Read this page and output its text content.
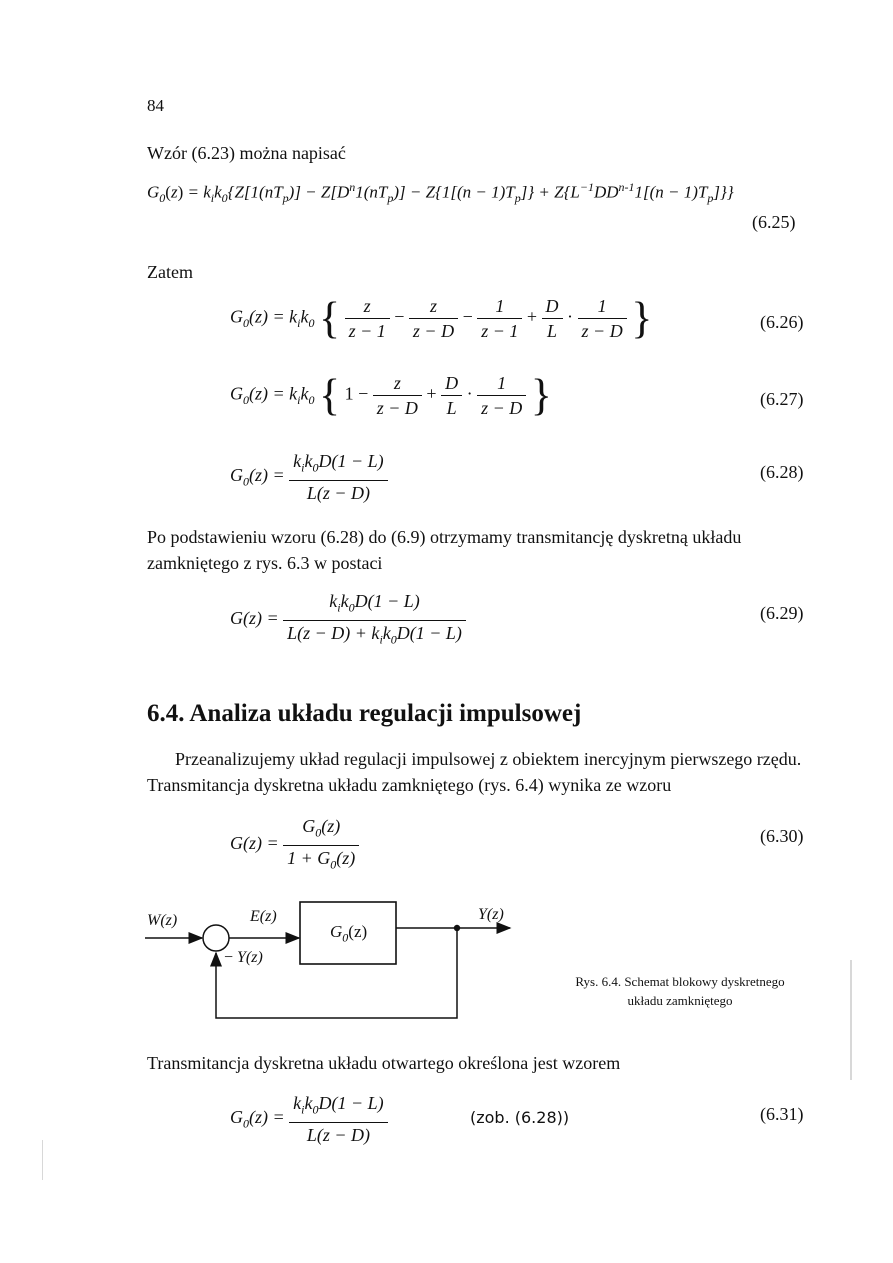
84
Wzór (6.23) można napisać
$G_0(z) = k_ik_0\{Z[1(nT_p)] - Z[D^n1(nT_p)] - Z\{1[(n - 1)T_p]\} + Z\{L^{-1}DD^{n-1}1[(n - 1)T_p]\}\}$
(6.25)
Zatem
$G_0(z) = k_ik_0$ { $\frac{z}{z - 1} - \frac{z}{z - D} - \frac{1}{z - 1} + \frac{D}{L} \cdot \frac{1}{z - D}$ }	(6.26)
$G_0(z) = k_ik_0$ { $1 - \frac{z}{z - D} + \frac{D}{L} \cdot \frac{1}{z - D}$ }	(6.27)
$G_0(z) = \frac{k_ik_0D(1 - L)}{L(z - D)}$	(6.28)
Po podstawieniu wzoru (6.28) do (6.9) otrzymamy transmitancję dyskretną układu zamkniętego z rys. 6.3 w postaci
$G(z) = \frac{k_ik_0D(1 - L)}{L(z - D) + k_ik_0D(1 - L)}$	(6.29)
6.4. Analiza układu regulacji impulsowej
Przeanalizujemy układ regulacji impulsowej z obiektem inercyjnym pierwszego rzędu. Transmitancja dyskretna układu zamkniętego (rys. 6.4) wynika ze wzoru
$G(z) = \frac{G_0(z)}{1 + G_0(z)}$	(6.30)
W(z)	E(z)
$G_0(z)$
Y(z)
− Y(z)
Rys. 6.4. Schemat blokowy dyskretnego
układu zamkniętego
Transmitancja dyskretna układu otwartego określona jest wzorem
$G_0(z) = \frac{k_ik_0D(1 - L)}{L(z - D)}$	(zob. (6.28))	(6.31)
